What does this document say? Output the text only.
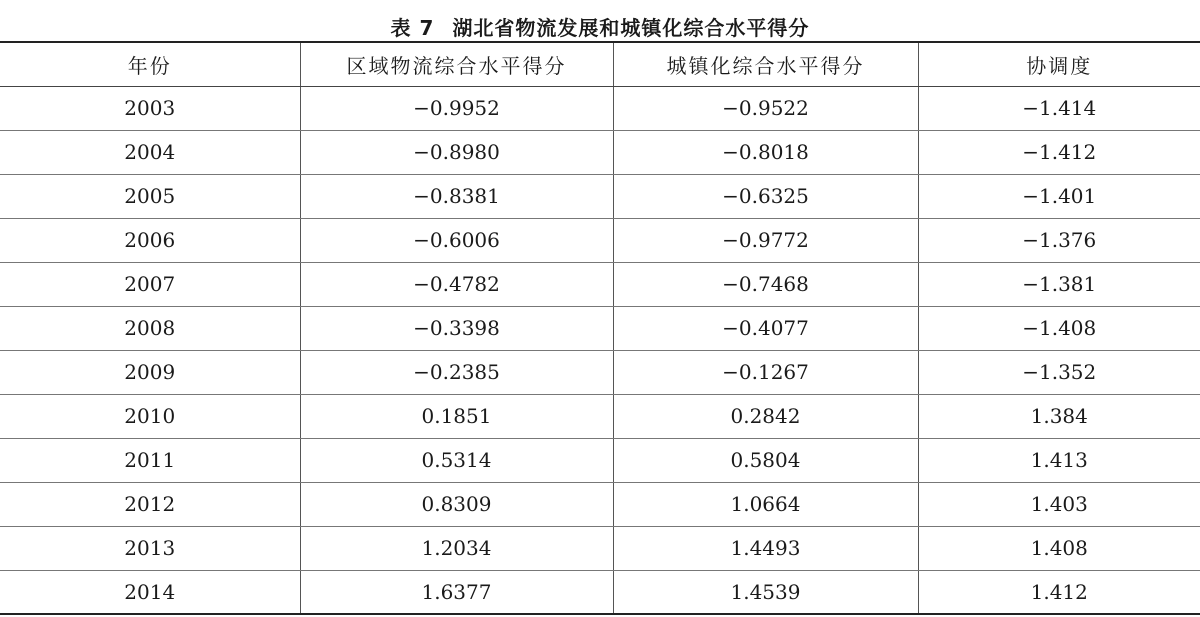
表 7 湖北省物流发展和城镇化综合水平得分
年份	区域物流综合水平得分	城镇化综合水平得分	协调度
2003	−0.9952	−0.9522	−1.414
2004	−0.8980	−0.8018	−1.412
2005	−0.8381	−0.6325	−1.401
2006	−0.6006	−0.9772	−1.376
2007	−0.4782	−0.7468	−1.381
2008	−0.3398	−0.4077	−1.408
2009	−0.2385	−0.1267	−1.352
2010	0.1851	0.2842	1.384
2011	0.5314	0.5804	1.413
2012	0.8309	1.0664	1.403
2013	1.2034	1.4493	1.408
2014	1.6377	1.4539	1.412
